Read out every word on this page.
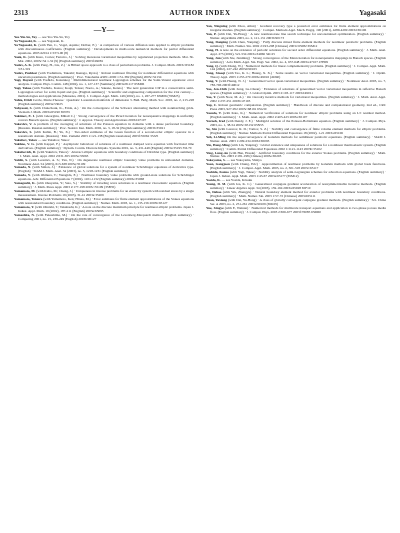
2313	AUTHOR INDEX	Yagasaki
—Y—

Yeo Yiu-Sn, Yay — see Yeo Yiu-Sn, Yoy

Ya'Yagasaki, K. — see Yagasaki, K.

Ya'Yagasaki, K. (with Yun, C., Vogel, Aquino; Dolber, E.) · A comparison of various diffusion tests applied to elliptic problems with discontinuous coefficients. (English summary) · Developments in multi-scale numerical methods for partial differential equations. 2003 #2014 1:3/T3-00 (8)

Yaak, K. (with Kuzo, Cortes; Ferreiro, J.) · Solving monotone variational inequalities by regularized projection methods. Mat. Sb. Mat. 2002, 2003c:54 1-32 (9) (English summary) 2003f:49081

Yadav, A. K. (with Pang, H., Liu, Z.) · A Hilbert space approach to a class of perturbation problems. J. Comput. Math. 2003c:65182 3:31-319

Yadav, Pushkar (with Yoshimura, Takeshi; Ikenaga, Ryota) · Robust nonlinear filtering for nonlinear differential equations with uncertain parameters. (English summary) · Proc. Yokohama ASPC-2000 1:31-382 (English) 2003c:52134

Yagi, Dayani (with Yoshida, Kazutaka) · Multidimensional nonlinear Lagrangian schemes for the Saint-Venant equations: error analysis. Comput. Phys. Comm. 148 (2002), no. 1, 127-137 (Summary) 2003a:81117 65M06

Yagi, Takao (with Yoshida, Kazuo; Kouji, Tetsuo; Naoto, A.; Sakane, Kenzo) · The next generation CIP in a conservative semi-Lagrangian solver for solid, liquid and gas. (English summary) · Scientific and engineering computation for the 21st century—methodologies and applications (Shizuoka, 2001). J. Comput. Appl. Math. 149 (2002), no. 1, 267-277 65M06 (76M25)

Yahia, Dridi Cercle, Marie-Therese · Quadratic Lorentzian manifolds of dimension 3. Bull. Belg. Math. Soc. 2003, no. 2, 215-228 (English summary) 2003e:53025

Yahyaoui, S. (with Chakchouk, K., Erida, A.) · On the convergence of the Schwarz alternating method with nonmatching grids. Vietnam J. Math. 2003a:65190 65N55

Yakimov, E. I. (with Gheorghiu, Mihail C.) · Strong convergence of the Picard iteration for nonexpansive mappings in uniformly convex Banach spaces. (English summary) · J. Approx. Theory and Applications 2003d:47107

Yakovlev, V. A problem of the averaging of solutions of the Poisson equation in domains with a dense perforated boundary. (Russian. Russian summary) · Proc. Steklov Inst. Math. 2002, no. 3, 18-32 (English summary) 2003b:35021

Yakovlev, S. (with Kubin, B.; Yu, X.) · Two-sided estimates of the Green function of a second-order elliptic operator in a nonsmooth domain. (Russian) · Mat. Zametki 2003 1:121-138 (English translation) 2003f:35062 35J25

Yakubov, Yakov — see Yakubov, Yakov

Yakhno, V. G. (with Kappel, F.) · Asymptotic behaviour of solutions of a nonlinear damped wave equation with fractional time derivatives. (English summary) · Dynam. Contin. Discrete Impuls. Systems 2001, no. 3, 431-449 (English) 2003a:35195 35L70

Yakubovich, D. (with Yakubov, Yakov) · Abstract elliptic equations with boundary conditions of Dirichlet type. (English summary) · J. Math. Anal. Appl. 2002 2:631-655 2003a:35063

Yaldiz, S. (with Leontiev, A. S.; Yan, N.) · On degenerate nonlinear elliptic boundary value problems in unbounded domains. Nonlinear Anal. 54 (2003), 613-638 2003a:35109

Yamada, N. (with Simon, J.) · Existence of global solutions for a system of nonlinear Schrödinger equations of derivative type. (English) · SIAM J. Math. Anal. 34 (2003), no. 5, 1218-1231 (English summary)

Yamada, Y. (with Ohmura, T.; Yanagida, E.) · Nonlinear boundary value problems with ground-state solutions for Schrödinger equations. Adv. Differential Equations 7 (2002), 1101-1132 (English summary) 2003e:35068

Yamaguchi, K. (with Okuyama, Y.; Sato, S.) · Stability of traveling wave solutions to a nonlinear viscoelastic equation. (English summary) · J. Math. Pures Appl. 2003 2:177-198 2003c:35109 (35B35)

Yamamoto, M. (with Kubo, M.; Cheng, J.) · Uniqueness in inverse problems for an elasticity system with residual stress by a single measurement. Inverse Problems 19 (2003), 31-41 2003a:35209

Yamamoto, Tetsuro (with Yamamoto, Ken; Hirata, M.) · Error estimates for finite element approximations of the Stokes equations with nonstandard boundary conditions. (English summary) · Numer. Math. 2003, no. 1, 135-156 2003b:65127

Yamamoto, Y. (with Ohnishi, T.; Takahashi, K.) · A note on the discrete maximum principle for nonlinear elliptic problems. Japan J. Indust. Appl. Math. 19 (2002), 187-211 (English) 2003a:65095

Yamashita, N. (with Fukushima, M.) · On the rate of convergence of the Levenberg-Marquardt method. (English summary) · Computing 2001, no. 15, 239-249 (English) 2003b:90127

Yan, Ningning (with Zhou, Aihui) · Gradient recovery type a posteriori error estimates for finite element approximations on irregular meshes. (English summary) · Comput. Methods Appl. Mech. Engrg. 190 (2001), 4289-4299 2003d:65106

Yan, P. (with Dai, Yu-Hong) · A new nonmonotone line search technique for unconstrained optimization. (English summary) · Numer. Algorithms 2003, no. 2, 121-131 2003b:90173

Yang, Danping (with Chen, Yanping) · Fully discrete mixed finite element methods for nonlinear parabolic problems. (English summary) · Math. Numer. Sin. 2002 2:193-208 (Chinese) 2003c:65082 65M12

Yang, H. A note on the existence of periodic solutions for second order differential equations. (English summary) · J. Math. Anal. Appl. 275 (2002), 521-534 2003a:34066 34C25

Yang, Jun (with Xie, Jianming) · Strong convergence of the Mann iteration for nonexpansive mappings in Banach spaces. (English summary) · Acta Math. Appl. Sin. Engl. Ser. 2002, no. 4, 637-648 2003a:47107 47H09

Yang, Q. (with Zhang, W.) · Numerical methods for linear complementarity problems. (English summary) · J. Comput. Appl. Math. 144 (2002), 227-242 2003d:90163

Yang, Xiaoqi (with Teo, K. L.; Huang, X. X.) · Some results on vector variational inequalities. (English summary) · J. Optim. Theory Appl. 2003 1:255-270 2003e:49016 (49J40)

Yang, Y. (with Huang, N. J.) · Generalized vector quasi-variational inequalities. (English summary) · Nonlinear Anal. 2003, no. 7, 783-796 2003f:49012

Yao, Jen-Chih (with Zeng, Lu-Chuan) · Existence of solutions of generalized vector variational inequalities in reflexive Banach spaces. (English summary) · J. Global Optim. 2003 2:103-117 2003d:49011

Yao, Y. (with Noor, M. A.) · On viscosity iterative methods for variational inequalities. (English summary) · J. Math. Anal. Appl. 2002 1:237-251 2003b:47103

Yap, C. Robust geometric computation. (English summary) · Handbook of discrete and computational geometry, 2nd ed., CRC Press 2003, 927-952 2003c:68191 65G30

Yasuda, T. (with Kato, K.) · Numerical verification of solutions for nonlinear elliptic problems using an L∞ residual method. (English summary) · J. Math. Anal. Appl. 2002 2:405-423 2003a:65107

Yavneh, Irad (with Dendy, J. E.) · Multigrid solution of the Poisson-Boltzmann equation. (English summary) · J. Comput. Phys. 2003, no. 1, 38-54 2003c:65132 65N55

Ye, Xiu (with Lazarov, R. D.; Tomov, S. Z.) · Stability and convergence of finite volume element methods for elliptic problems. (English summary) · Numer. Methods Partial Differential Equations 18 (2002), 1-21 2003a:65106

Yeh, Li-Ming On the superconvergence of Galerkin methods for semilinear parabolic equations. (English summary) · SIAM J. Numer. Anal. 2003 1:209-234 2003d:65093

Yin, Hong-Ming (with Lin, Yanping) · Global existence and uniqueness of solutions for a nonlinear thermoelastic system. (English summary) · Comm. Partial Differential Equations 2002 1:1121-1143 2003b:35102

Ying, Lung-An (with Han, Houde) · Artificial boundary conditions for the exterior Stokes problems. (English summary) · Math. Numer. Sin. 2003 2:181-198 (Chinese) 2003e:65203

Yokoyama, S. — see Yokoyama, Shinya

Yoon, Gangjoon (with Chung, Eric) · Approximation of nonlinear problems by Galerkin methods with global basis functions. (English summary) · J. Comput. Appl. Math. 2003, no. 2, 301-318 2003c:65117

Yoshida, Kazuo (with Yagi, Takao) · Stability analysis of semi-Lagrangian schemes for advection equations. (English summary) · Japan J. Indust. Appl. Math. 2003 1:45-67 2003e:65177 (65M12)

Yosida, K. — see Yosida, Kôsaku

Young, D. M. (with Jea, K. C.) · Generalized conjugate gradient acceleration of nonsymmetrizable iterative methods. (English summary) · Linear Algebra Appl. 34 (2003), 159-194 2003a:65028 65F10

Yu, Dehao (with Wu, Zhengyu) · Natural boundary element method for exterior problems with nonlinear boundary conditions. (English summary) · Math. Numer. Sin. 2003 1:57-72 (Chinese) 2003d:65111

Yuan, Yaxiang (with Dai, Yu-Hong) · A class of globally convergent conjugate gradient methods. (English summary) · Sci. China Ser. A 2003, no. 2, 251-261 2003e:90109 (65K05)

Yue, Xingye (with E, Weinan) · Numerical methods for multiscale transport equations and application to two-phase porous media flow. (English summary) · J. Comput. Phys. 2003 2:656-677 2003f:76085 65M60
